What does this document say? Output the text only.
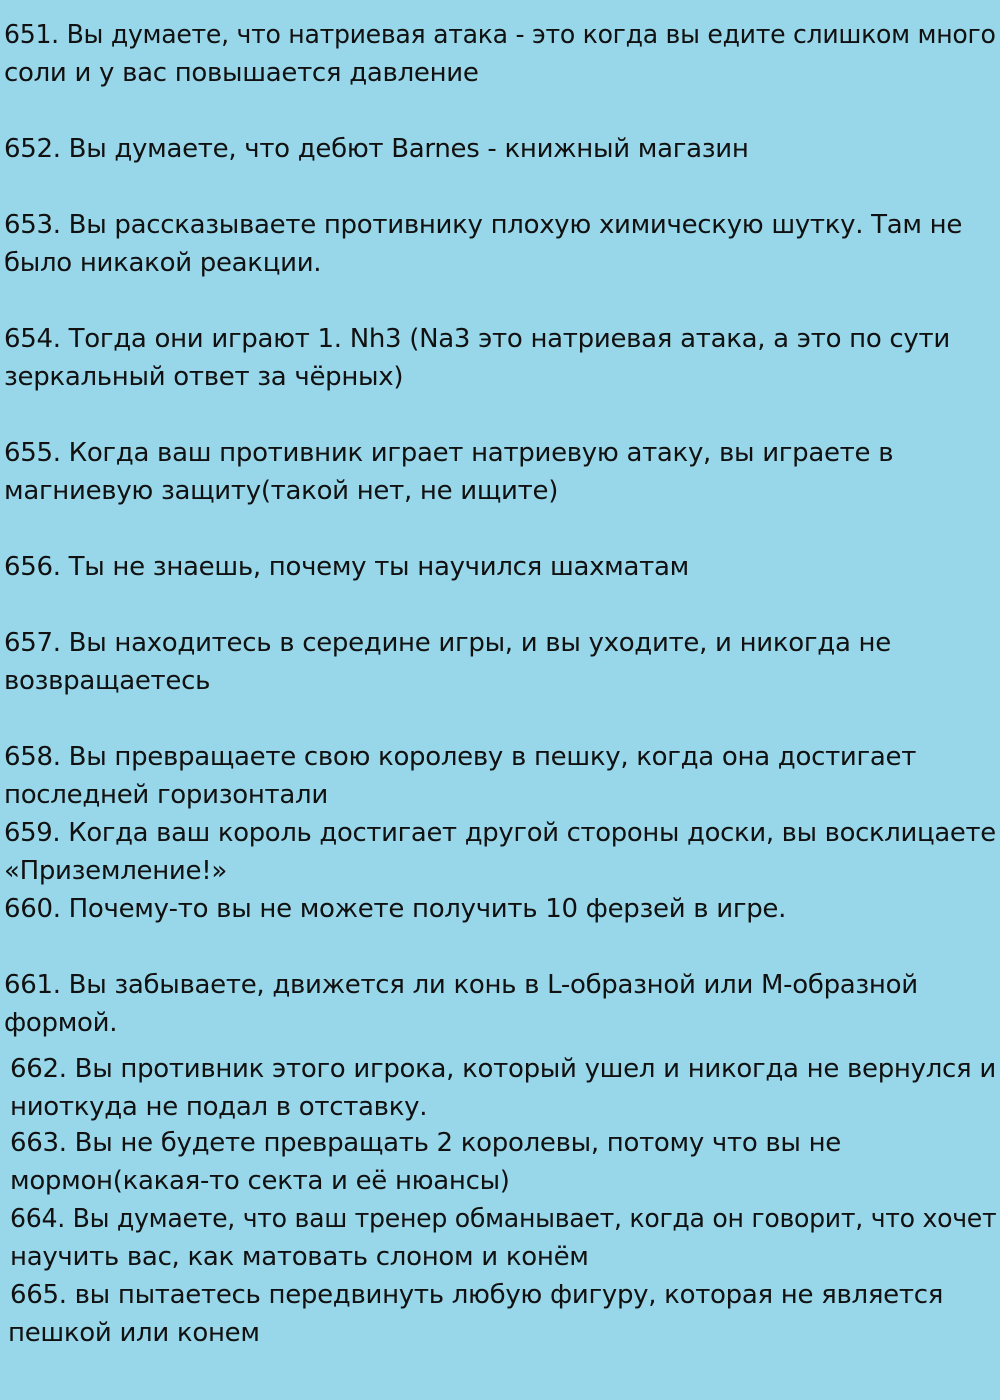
651. Вы думаете, что натриевая атака - это когда вы едите слишком много
соли и у вас повышается давление
652. Вы думаете, что дебют Barnes - книжный магазин
653. Вы рассказываете противнику плохую химическую шутку. Там не
было никакой реакции.
654. Тогда они играют 1. Nh3 (Na3 это натриевая атака, а это по сути
зеркальный ответ за чёрных)
655. Когда ваш противник играет натриевую атаку, вы играете в
магниевую защиту(такой нет, не ищите)
656. Ты не знаешь, почему ты научился шахматам
657. Вы находитесь в середине игры, и вы уходите, и никогда не
возвращаетесь
658. Вы превращаете свою королеву в пешку, когда она достигает
последней горизонтали
659. Когда ваш король достигает другой стороны доски, вы восклицаете
«Приземление!»
660. Почему-то вы не можете получить 10 ферзей в игре.
661. Вы забываете, движется ли конь в L-образной или M-образной
формой.
662. Вы противник этого игрока, который ушел и никогда не вернулся и
ниоткуда не подал в отставку.
663. Вы не будете превращать 2 королевы, потому что вы не
мормон(какая-то секта и её нюансы)
664. Вы думаете, что ваш тренер обманывает, когда он говорит, что хочет
научить вас, как матовать слоном и конём
665. вы пытаетесь передвинуть любую фигуру, которая не является
пешкой или конем
